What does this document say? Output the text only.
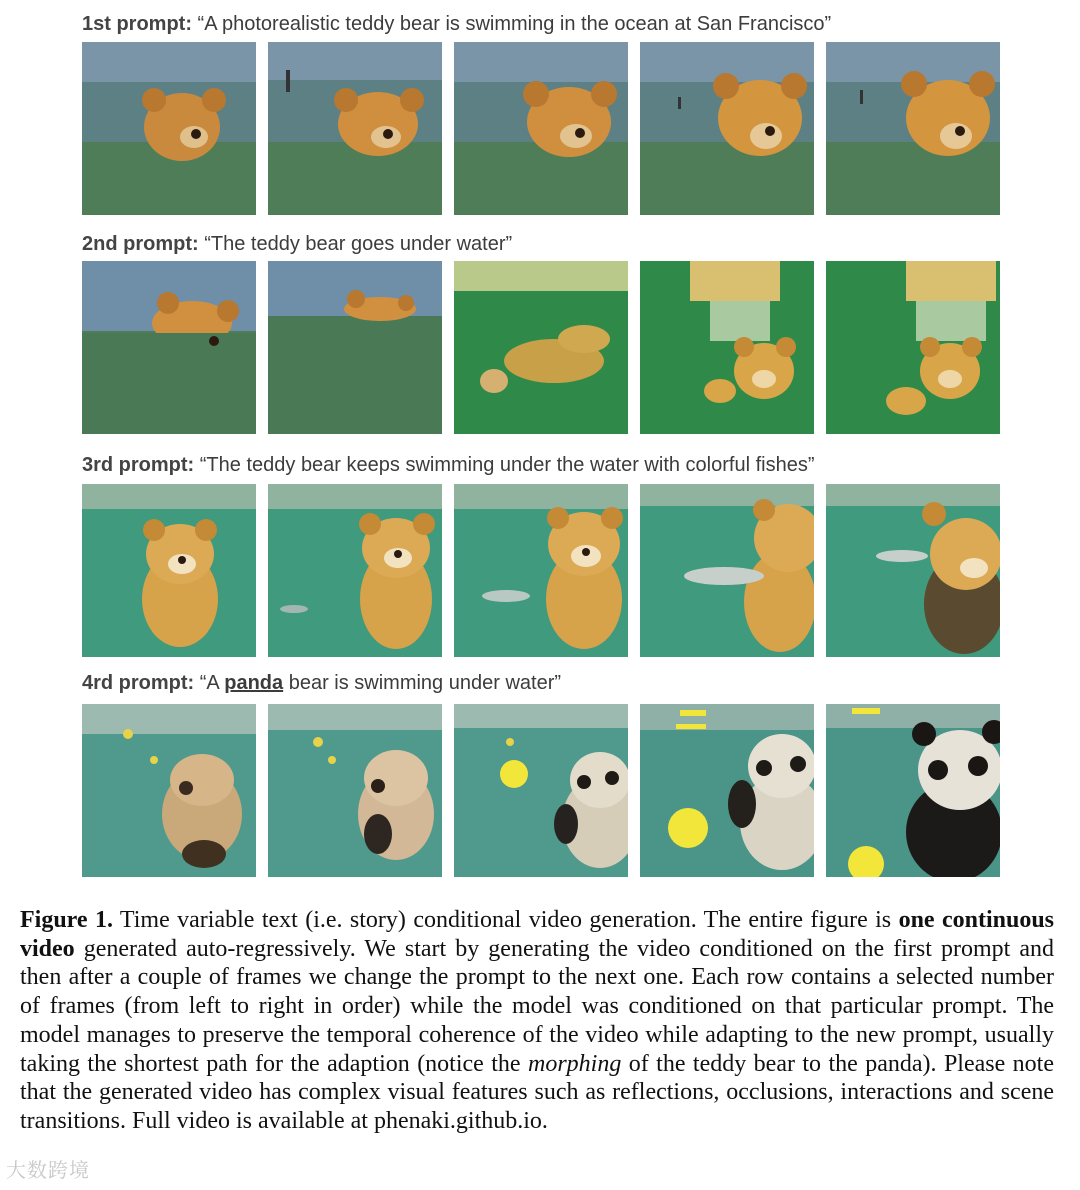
1st prompt: “A photorealistic teddy bear is swimming in the ocean at San Francisco”
2nd prompt: “The teddy bear goes under water”
3rd prompt: “The teddy bear keeps swimming under the water with colorful fishes”
4rd prompt: “A panda bear is swimming under water”
Figure 1. Time variable text (i.e. story) conditional video generation. The entire figure is one continuous video generated auto-regressively. We start by generating the video conditioned on the first prompt and then after a couple of frames we change the prompt to the next one. Each row contains a selected number of frames (from left to right in order) while the model was conditioned on that particular prompt. The model manages to preserve the temporal coherence of the video while adapting to the new prompt, usually taking the shortest path for the adaption (notice the morphing of the teddy bear to the panda). Please note that the generated video has complex visual features such as reflections, occlusions, interactions and scene transitions. Full video is available at phenaki.github.io.
大数跨境
